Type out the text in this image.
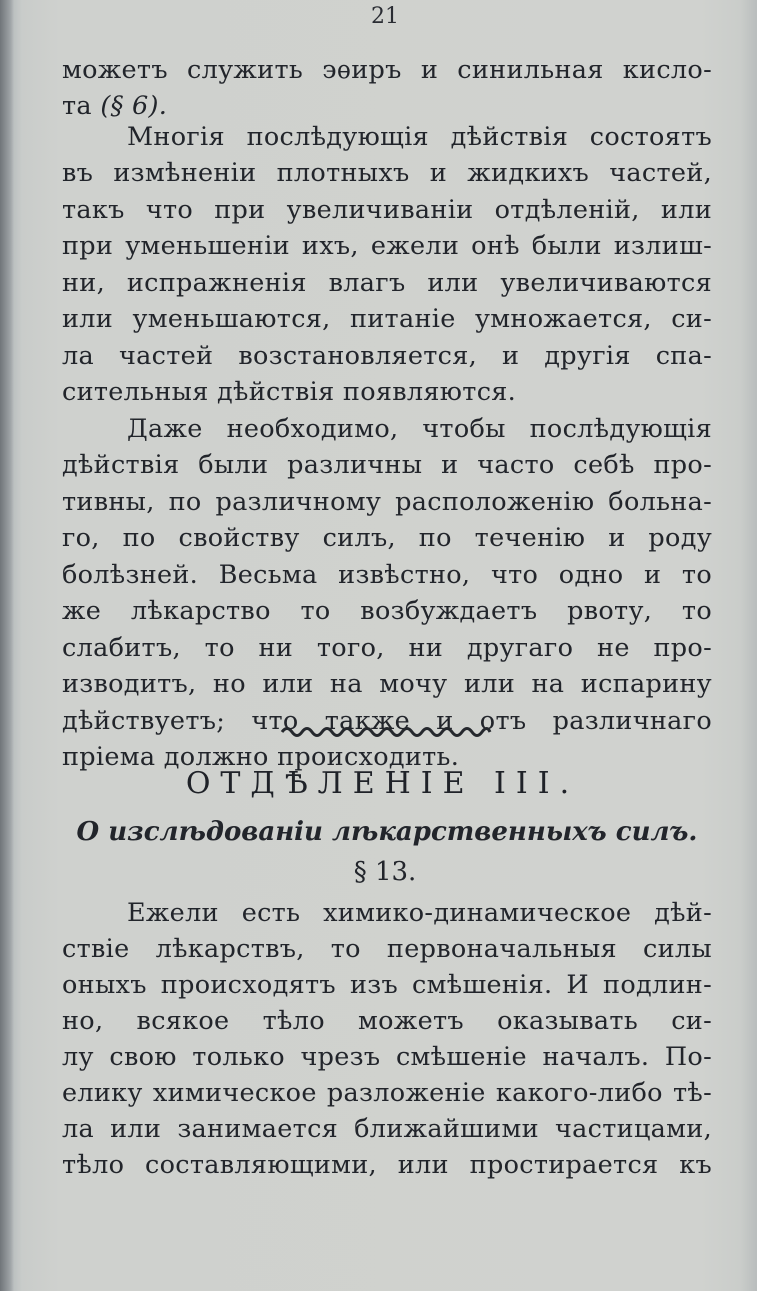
21
можетъ служить эѳиръ и синильная кисло-
та (§ 6).
Многія послѣдующія дѣйствія состоятъ
въ измѣненіи плотныхъ и жидкихъ частей,
такъ что при увеличиваніи отдѣленій, или
при уменьшеніи ихъ, ежели онѣ были излиш-
ни, испражненія влагъ или увеличиваются
или уменьшаются, питаніе умножается, си-
ла частей возстановляется, и другія спа-
сительныя дѣйствія появляются.
Даже необходимо, чтобы послѣдующія
дѣйствія были различны и часто себѣ про-
тивны, по различному расположенію больна-
го, по свойству силъ, по теченію и роду
болѣзней. Весьма извѣстно, что одно и то
же лѣкарство то возбуждаетъ рвоту, то
слабитъ, то ни того, ни другаго не про-
изводитъ, но или на мочу или на испарину
дѣйствуетъ; что также и отъ различнаго
пріема должно происходить.
ОТДѢЛЕНІЕ III.
О изслѣдованіи лѣкарственныхъ силъ.
§ 13.
Ежели есть химико-динамическое дѣй-
ствіе лѣкарствъ, то первоначальныя силы
оныхъ происходятъ изъ смѣшенія. И подлин-
но, всякое тѣло можетъ оказывать си-
лу свою только чрезъ смѣшеніе началъ. По-
елику химическое разложеніе какого-либо тѣ-
ла или занимается ближайшими частицами,
тѣло составляющими, или простирается къ
